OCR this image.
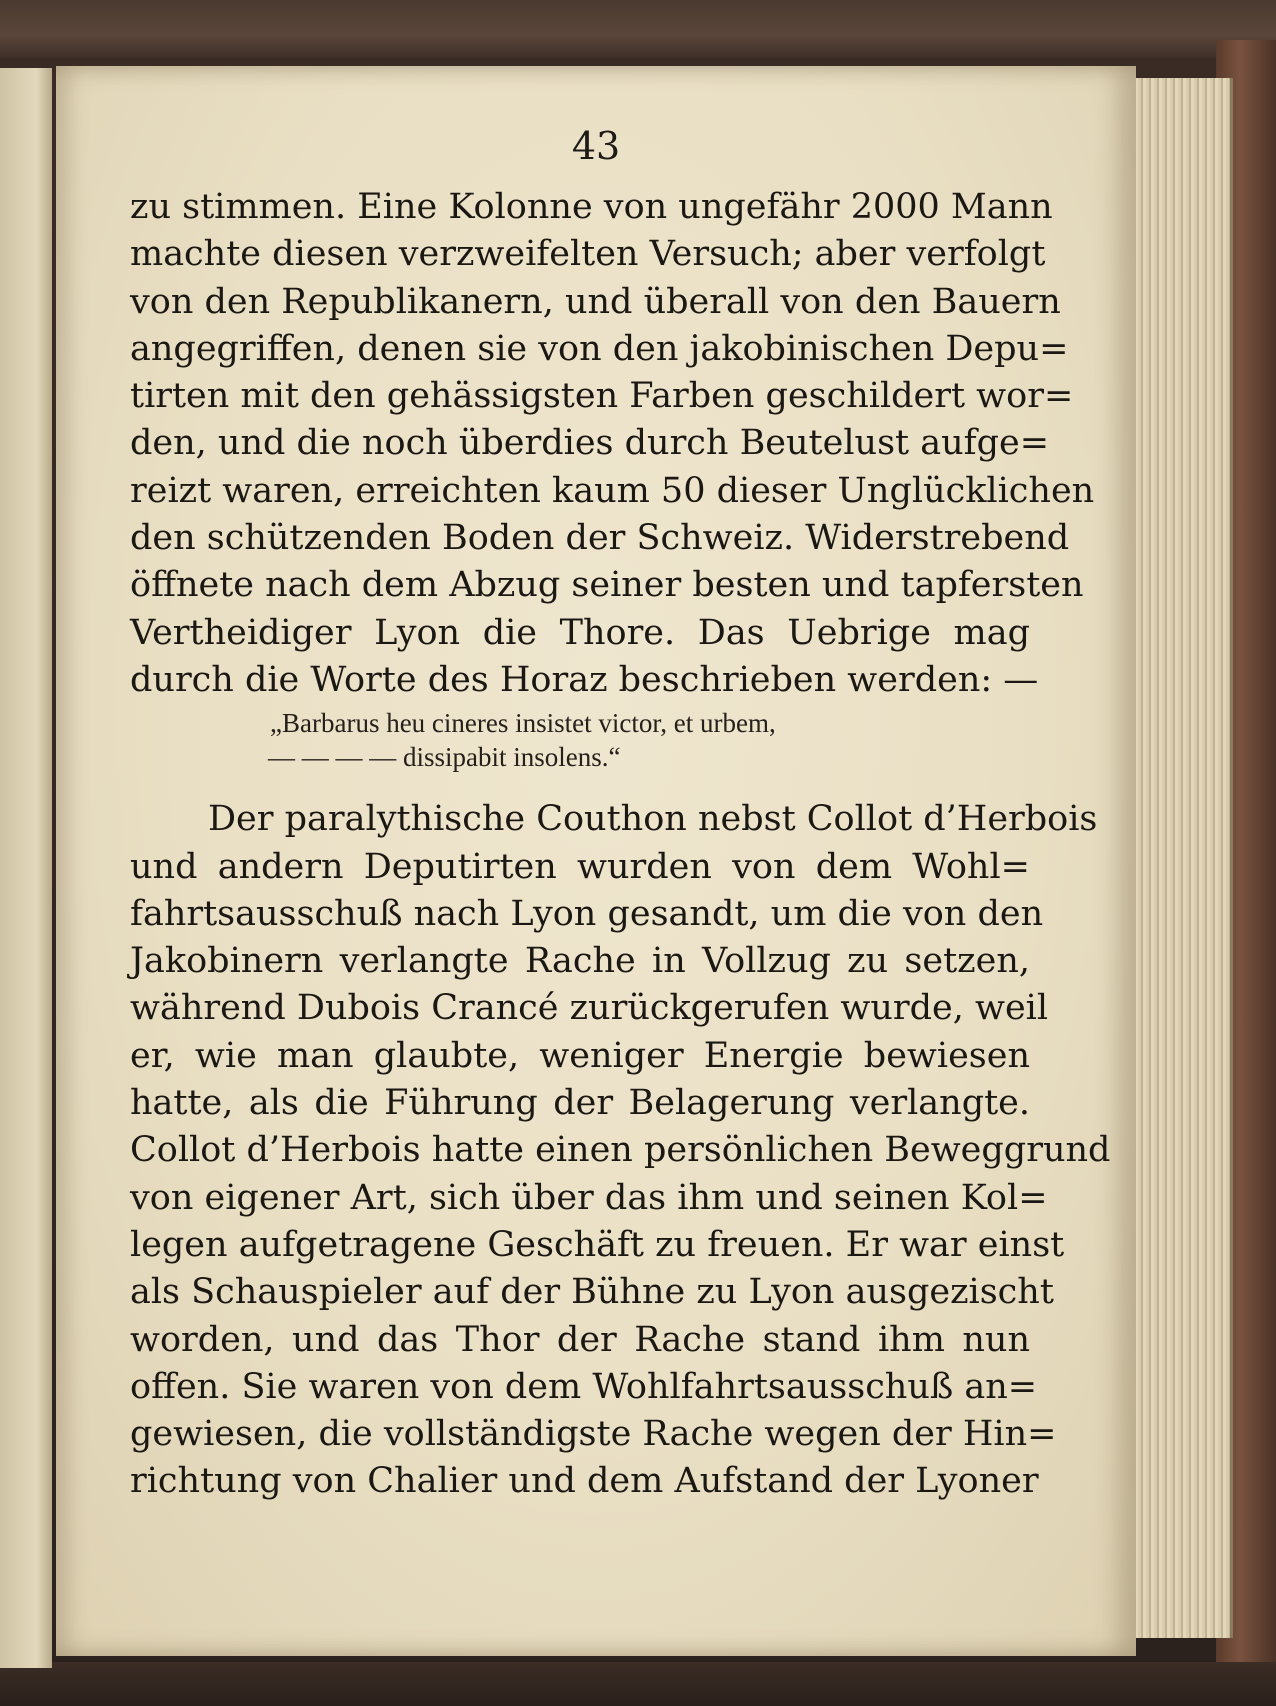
43
zu stimmen. Eine Kolonne von ungefähr 2000 Mann
machte diesen verzweifelten Versuch; aber verfolgt
von den Republikanern, und überall von den Bauern
angegriffen, denen sie von den jakobinischen Depu=
tirten mit den gehässigsten Farben geschildert wor=
den, und die noch überdies durch Beutelust aufge=
reizt waren, erreichten kaum 50 dieser Unglücklichen
den schützenden Boden der Schweiz. Widerstrebend
öffnete nach dem Abzug seiner besten und tapfersten
Vertheidiger Lyon die Thore. Das Uebrige mag
durch die Worte des Horaz beschrieben werden: —
„Barbarus heu cineres insistet victor, et urbem,
— — — — dissipabit insolens.“
Der paralythische Couthon nebst Collot d’Herbois
und andern Deputirten wurden von dem Wohl=
fahrtsausschuß nach Lyon gesandt, um die von den
Jakobinern verlangte Rache in Vollzug zu setzen,
während Dubois Crancé zurückgerufen wurde, weil
er, wie man glaubte, weniger Energie bewiesen
hatte, als die Führung der Belagerung verlangte.
Collot d’Herbois hatte einen persönlichen Beweggrund
von eigener Art, sich über das ihm und seinen Kol=
legen aufgetragene Geschäft zu freuen. Er war einst
als Schauspieler auf der Bühne zu Lyon ausgezischt
worden, und das Thor der Rache stand ihm nun
offen. Sie waren von dem Wohlfahrtsausschuß an=
gewiesen, die vollständigste Rache wegen der Hin=
richtung von Chalier und dem Aufstand der Lyoner
